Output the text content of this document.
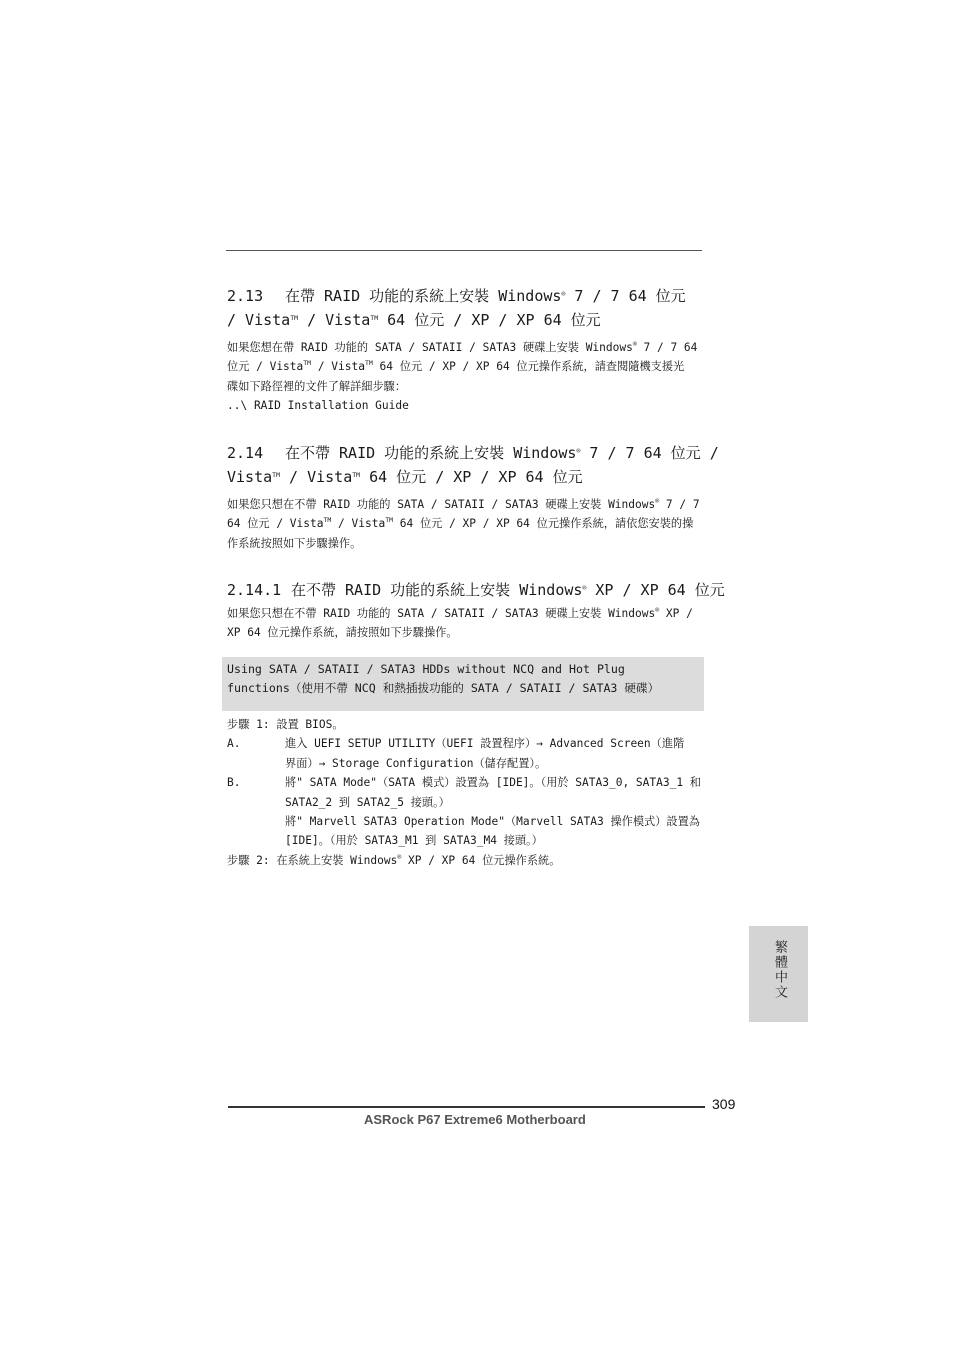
2.13 在帶 RAID 功能的系統上安裝 Windows® 7 / 7 64 位元

/ Vista™ / Vista™ 64 位元 / XP / XP 64 位元

如果您想在帶 RAID 功能的 SATA / SATAII / SATA3 硬碟上安裝 Windows® 7 / 7 64

位元 / Vista™ / Vista™ 64 位元 / XP / XP 64 位元操作系統，請查閱隨機支援光

碟如下路徑裡的文件了解詳細步驟：

..\ RAID Installation Guide

2.14 在不帶 RAID 功能的系統上安裝 Windows® 7 / 7 64 位元 /

Vista™ / Vista™ 64 位元 / XP / XP 64 位元

如果您只想在不帶 RAID 功能的 SATA / SATAII / SATA3 硬碟上安裝 Windows® 7 / 7

64 位元 / Vista™ / Vista™ 64 位元 / XP / XP 64 位元操作系統，請依您安裝的操

作系統按照如下步驟操作。

2.14.1 在不帶 RAID 功能的系統上安裝 Windows® XP / XP 64 位元

如果您只想在不帶 RAID 功能的 SATA / SATAII / SATA3 硬碟上安裝 Windows® XP /

XP 64 位元操作系統，請按照如下步驟操作。

Using SATA / SATAII / SATA3 HDDs without NCQ and Hot Plug
functions（使用不帶 NCQ 和熱插拔功能的 SATA / SATAII / SATA3 硬碟）

步驟 1: 設置 BIOS。

A.	進入 UEFI SETUP UTILITY（UEFI 設置程序）→ Advanced Screen（進階
界面）→ Storage Configuration（儲存配置）。
B.	將" SATA Mode"（SATA 模式）設置為 [IDE]。（用於 SATA3_0, SATA3_1 和
SATA2_2 到 SATA2_5 接頭。）
將" Marvell SATA3 Operation Mode"（Marvell SATA3 操作模式）設置為
[IDE]。（用於 SATA3_M1 到 SATA3_M4 接頭。）

步驟 2: 在系統上安裝 Windows® XP / XP 64 位元操作系統。

繁體中文
309
ASRock P67 Extreme6 Motherboard
